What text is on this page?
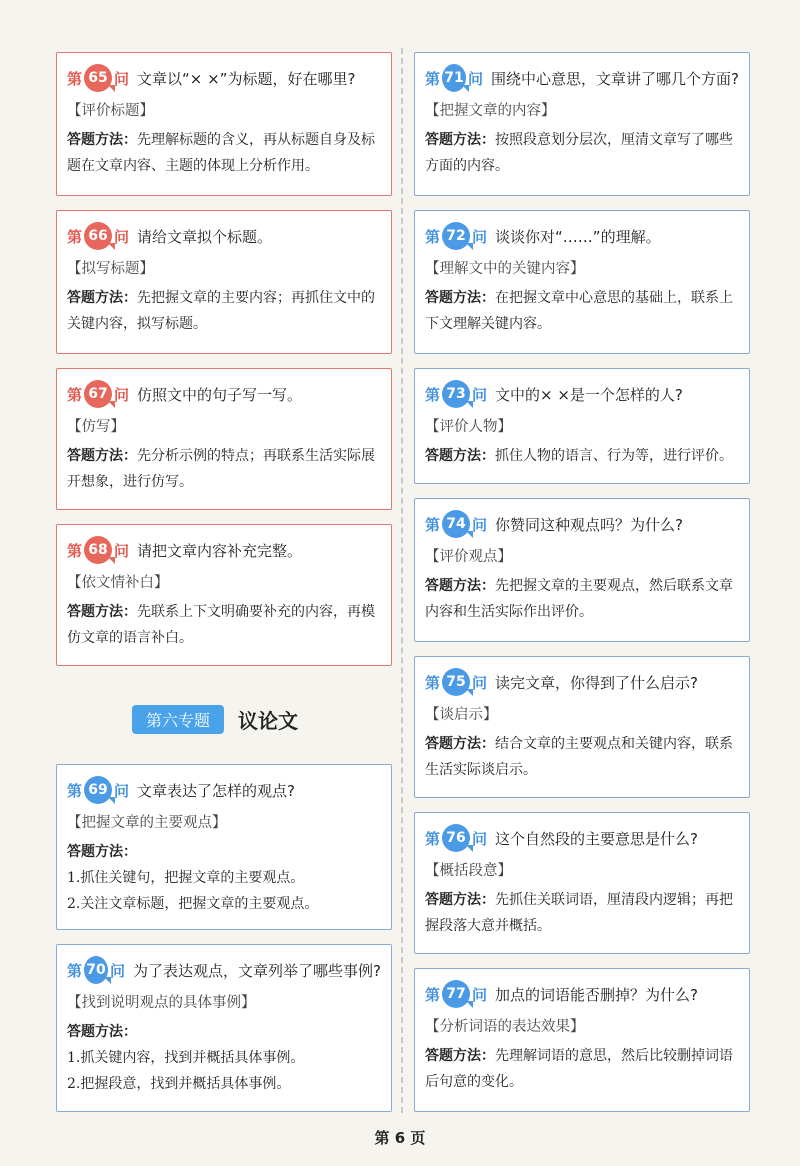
第 65 问 文章以“× ×”为标题，好在哪里?
【评价标题】
答题方法：先理解标题的含义，再从标题自身及标题在文章内容、主题的体现上分析作用。
第 66 问 请给文章拟个标题。
【拟写标题】
答题方法：先把握文章的主要内容；再抓住文中的关键内容，拟写标题。
第 67 问 仿照文中的句子写一写。
【仿写】
答题方法：先分析示例的特点；再联系生活实际展开想象，进行仿写。
第 68 问 请把文章内容补充完整。
【依文情补白】
答题方法：先联系上下文明确要补充的内容，再模仿文章的语言补白。
第六专题	议论文
第 69 问 文章表达了怎样的观点?
【把握文章的主要观点】
答题方法：
1.抓住关键句，把握文章的主要观点。
2.关注文章标题，把握文章的主要观点。
第 70 问 为了表达观点，文章列举了哪些事例?
【找到说明观点的具体事例】
答题方法：
1.抓关键内容，找到并概括具体事例。
2.把握段意，找到并概括具体事例。
第 71 问 围绕中心意思，文章讲了哪几个方面?
【把握文章的内容】
答题方法：按照段意划分层次，厘清文章写了哪些方面的内容。
第 72 问 谈谈你对“……”的理解。
【理解文中的关键内容】
答题方法：在把握文章中心意思的基础上，联系上下文理解关键内容。
第 73 问 文中的× ×是一个怎样的人?
【评价人物】
答题方法：抓住人物的语言、行为等，进行评价。
第 74 问 你赞同这种观点吗？为什么?
【评价观点】
答题方法：先把握文章的主要观点，然后联系文章内容和生活实际作出评价。
第 75 问 读完文章，你得到了什么启示?
【谈启示】
答题方法：结合文章的主要观点和关键内容，联系生活实际谈启示。
第 76 问 这个自然段的主要意思是什么?
【概括段意】
答题方法：先抓住关联词语，厘清段内逻辑；再把握段落大意并概括。
第 77 问 加点的词语能否删掉？为什么?
【分析词语的表达效果】
答题方法：先理解词语的意思，然后比较删掉词语后句意的变化。
第 6 页
